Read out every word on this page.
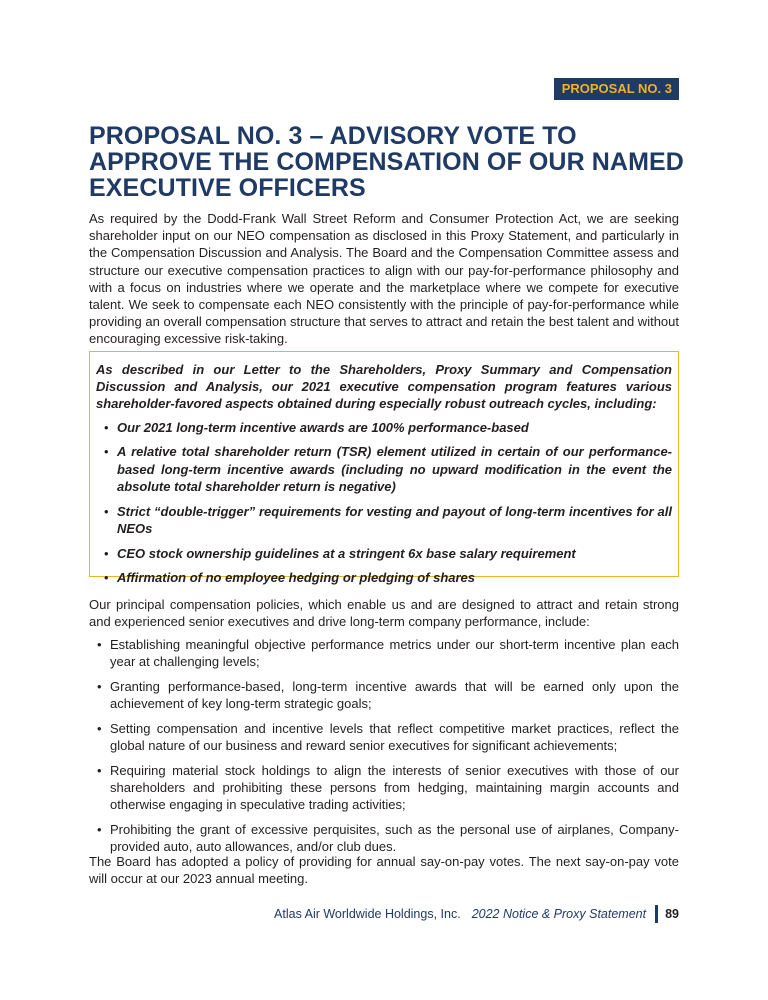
PROPOSAL NO. 3
PROPOSAL NO. 3 – ADVISORY VOTE TO APPROVE THE COMPENSATION OF OUR NAMED EXECUTIVE OFFICERS

As required by the Dodd-Frank Wall Street Reform and Consumer Protection Act, we are seeking shareholder input on our NEO compensation as disclosed in this Proxy Statement, and particularly in the Compensation Discussion and Analysis. The Board and the Compensation Committee assess and structure our executive compensation practices to align with our pay-for-performance philosophy and with a focus on industries where we operate and the marketplace where we compete for executive talent. We seek to compensate each NEO consistently with the principle of pay-for-performance while providing an overall compensation structure that serves to attract and retain the best talent and without encouraging excessive risk-taking.

As described in our Letter to the Shareholders, Proxy Summary and Compensation Discussion and Analysis, our 2021 executive compensation program features various shareholder-favored aspects obtained during especially robust outreach cycles, including:

• Our 2021 long-term incentive awards are 100% performance-based
• A relative total shareholder return (TSR) element utilized in certain of our performance-based long-term incentive awards (including no upward modification in the event the absolute total shareholder return is negative)
• Strict “double-trigger” requirements for vesting and payout of long-term incentives for all NEOs
• CEO stock ownership guidelines at a stringent 6x base salary requirement
• Affirmation of no employee hedging or pledging of shares

Our principal compensation policies, which enable us and are designed to attract and retain strong and experienced senior executives and drive long-term company performance, include:

• Establishing meaningful objective performance metrics under our short-term incentive plan each year at challenging levels;
• Granting performance-based, long-term incentive awards that will be earned only upon the achievement of key long-term strategic goals;
• Setting compensation and incentive levels that reflect competitive market practices, reflect the global nature of our business and reward senior executives for significant achievements;
• Requiring material stock holdings to align the interests of senior executives with those of our shareholders and prohibiting these persons from hedging, maintaining margin accounts and otherwise engaging in speculative trading activities;
• Prohibiting the grant of excessive perquisites, such as the personal use of airplanes, Company-provided auto, auto allowances, and/or club dues.

The Board has adopted a policy of providing for annual say-on-pay votes. The next say-on-pay vote will occur at our 2023 annual meeting.

Atlas Air Worldwide Holdings, Inc. 2022 Notice & Proxy Statement 89
